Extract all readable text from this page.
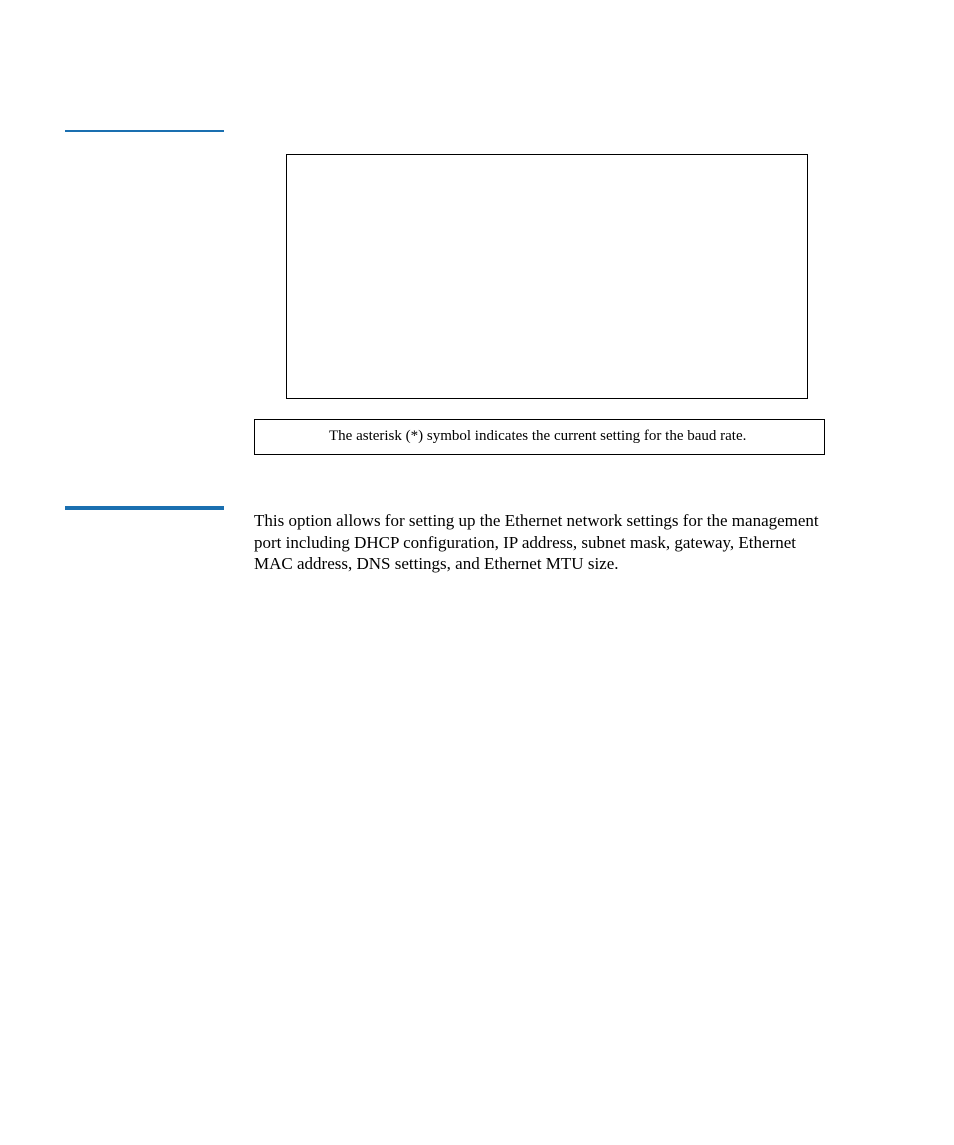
The asterisk (*) symbol indicates the current setting for the baud rate.

This option allows for setting up the Ethernet network settings for the management port including DHCP configuration, IP address, subnet mask, gateway, Ethernet MAC address, DNS settings, and Ethernet MTU size.
